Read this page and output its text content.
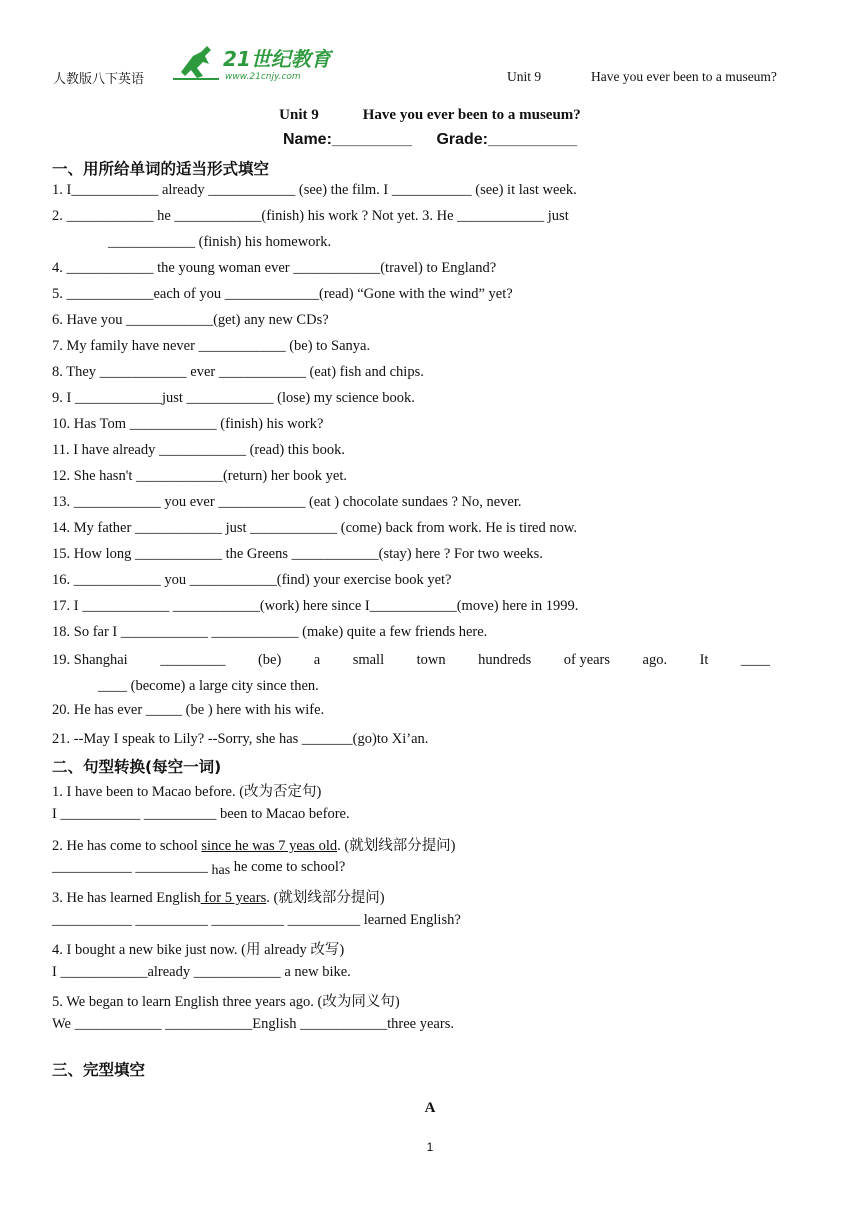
人教版八下英语
21世纪教育
www.21cnjy.com	Unit 9	Have you ever been to a museum?
Unit 9	Have you ever been to a museum?
Name:_________ Grade:__________
一、用所给单词的适当形式填空
1. I____________ already ____________ (see) the film. I ___________ (see) it last week.
2. ____________ he ____________(finish) his work ? Not yet. 3. He ____________ just
____________ (finish) his homework.
4. ____________ the young woman ever ____________(travel) to England?
5. ____________each of you _____________(read) “Gone with the wind” yet?
6. Have you ____________(get) any new CDs?
7. My family have never ____________ (be) to Sanya.
8. They ____________ ever ____________ (eat) fish and chips.
9. I ____________just ____________ (lose) my science book.
10. Has Tom ____________ (finish) his work?
11. I have already ____________ (read) this book.
12. She hasn't ____________(return) her book yet.
13. ____________ you ever ____________ (eat ) chocolate sundaes ? No, never.
14. My father ____________ just ____________ (come) back from work. He is tired now.
15. How long ____________ the Greens ____________(stay) here ? For two weeks.
16. ____________ you ____________(find) your exercise book yet?
17. I ____________ ____________(work) here since I____________(move) here in 1999.
18. So far I ____________ ____________ (make) quite a few friends here.
19. Shanghai _________ (be) a small town hundreds of years ago. It ____
____ (become) a large city since then.
20. He has ever _____ (be ) here with his wife.
21. --May I speak to Lily? --Sorry, she has _______(go)to Xi’an.
二、句型转换(每空一词)
1. I have been to Macao before. (改为否定句)
I ___________ __________ been to Macao before.
2. He has come to school since he was 7 yeas old. (就划线部分提问)
___________ __________ has he come to school?
3. He has learned English for 5 years. (就划线部分提问)
___________ __________ __________ __________ learned English?
4. I bought a new bike just now. (用 already 改写)
I ____________already ____________ a new bike.
5. We began to learn English three years ago. (改为同义句)
We ____________ ____________English ____________three years.
三、完型填空
A
1
